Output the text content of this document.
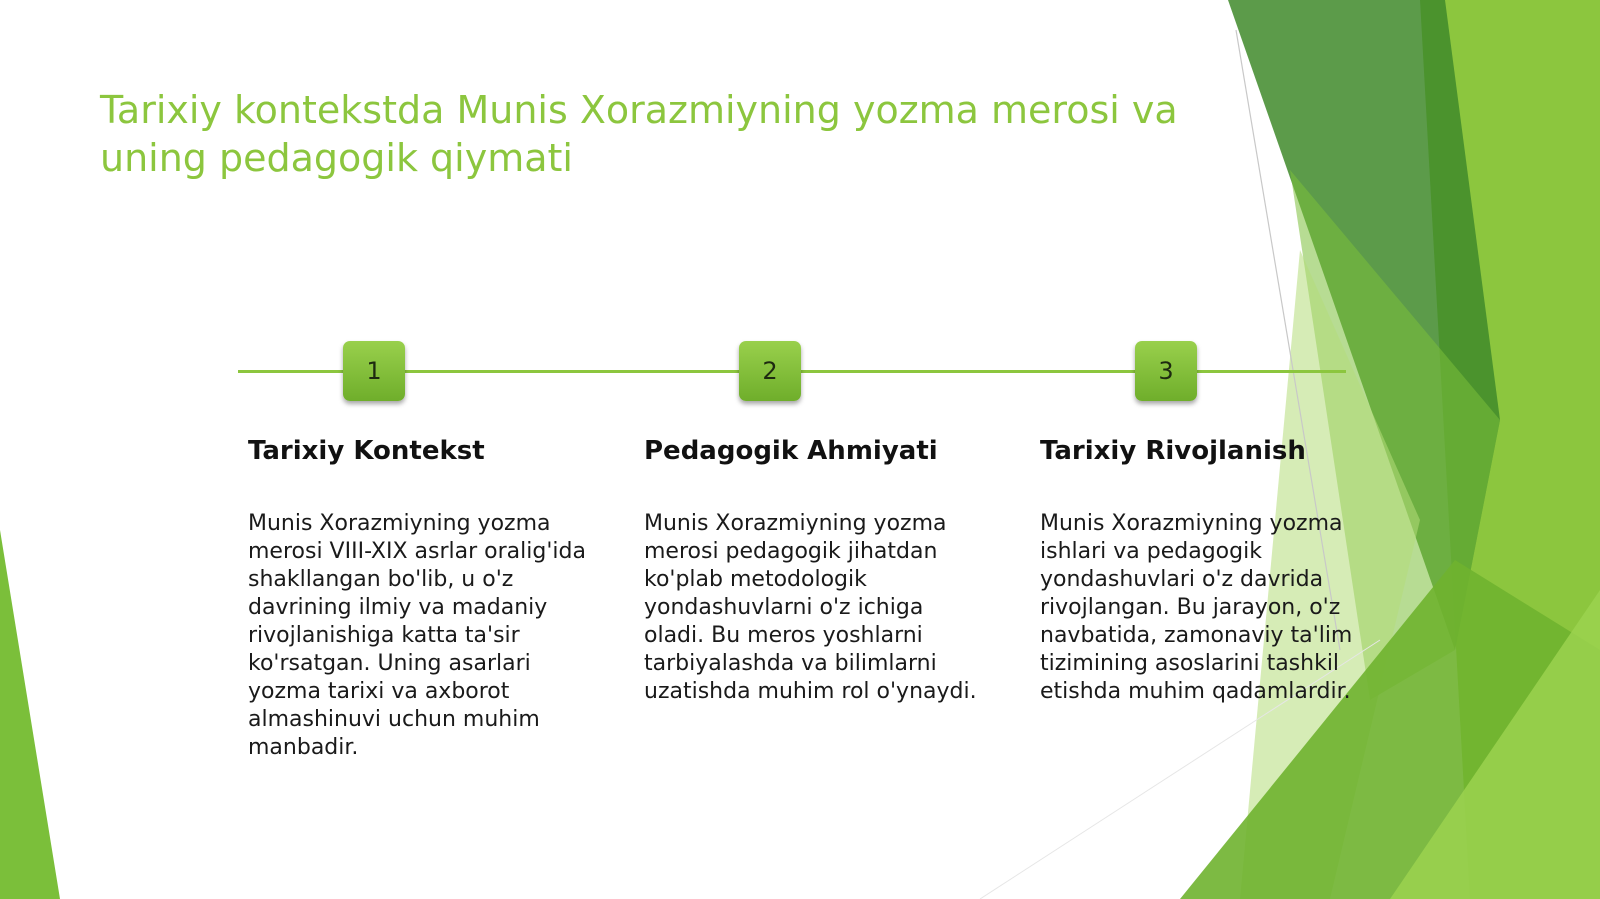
Tarixiy kontekstda Munis Xorazmiyning yozma merosi va uning pedagogik qiymati
1	2	3
Tarixiy Kontekst	Pedagogik Ahmiyati	Tarixiy Rivojlanish

Munis Xorazmiyning yozma merosi VIII-XIX asrlar oralig'ida shakllangan bo'lib, u o'z davrining ilmiy va madaniy rivojlanishiga katta ta'sir ko'rsatgan. Uning asarlari yozma tarixi va axborot almashinuvi uchun muhim manbadir.

Munis Xorazmiyning yozma merosi pedagogik jihatdan ko'plab metodologik yondashuvlarni o'z ichiga oladi. Bu meros yoshlarni tarbiyalashda va bilimlarni uzatishda muhim rol o'ynaydi.

Munis Xorazmiyning yozma ishlari va pedagogik yondashuvlari o'z davrida rivojlangan. Bu jarayon, o'z navbatida, zamonaviy ta'lim tizimining asoslarini tashkil etishda muhim qadamlardir.
